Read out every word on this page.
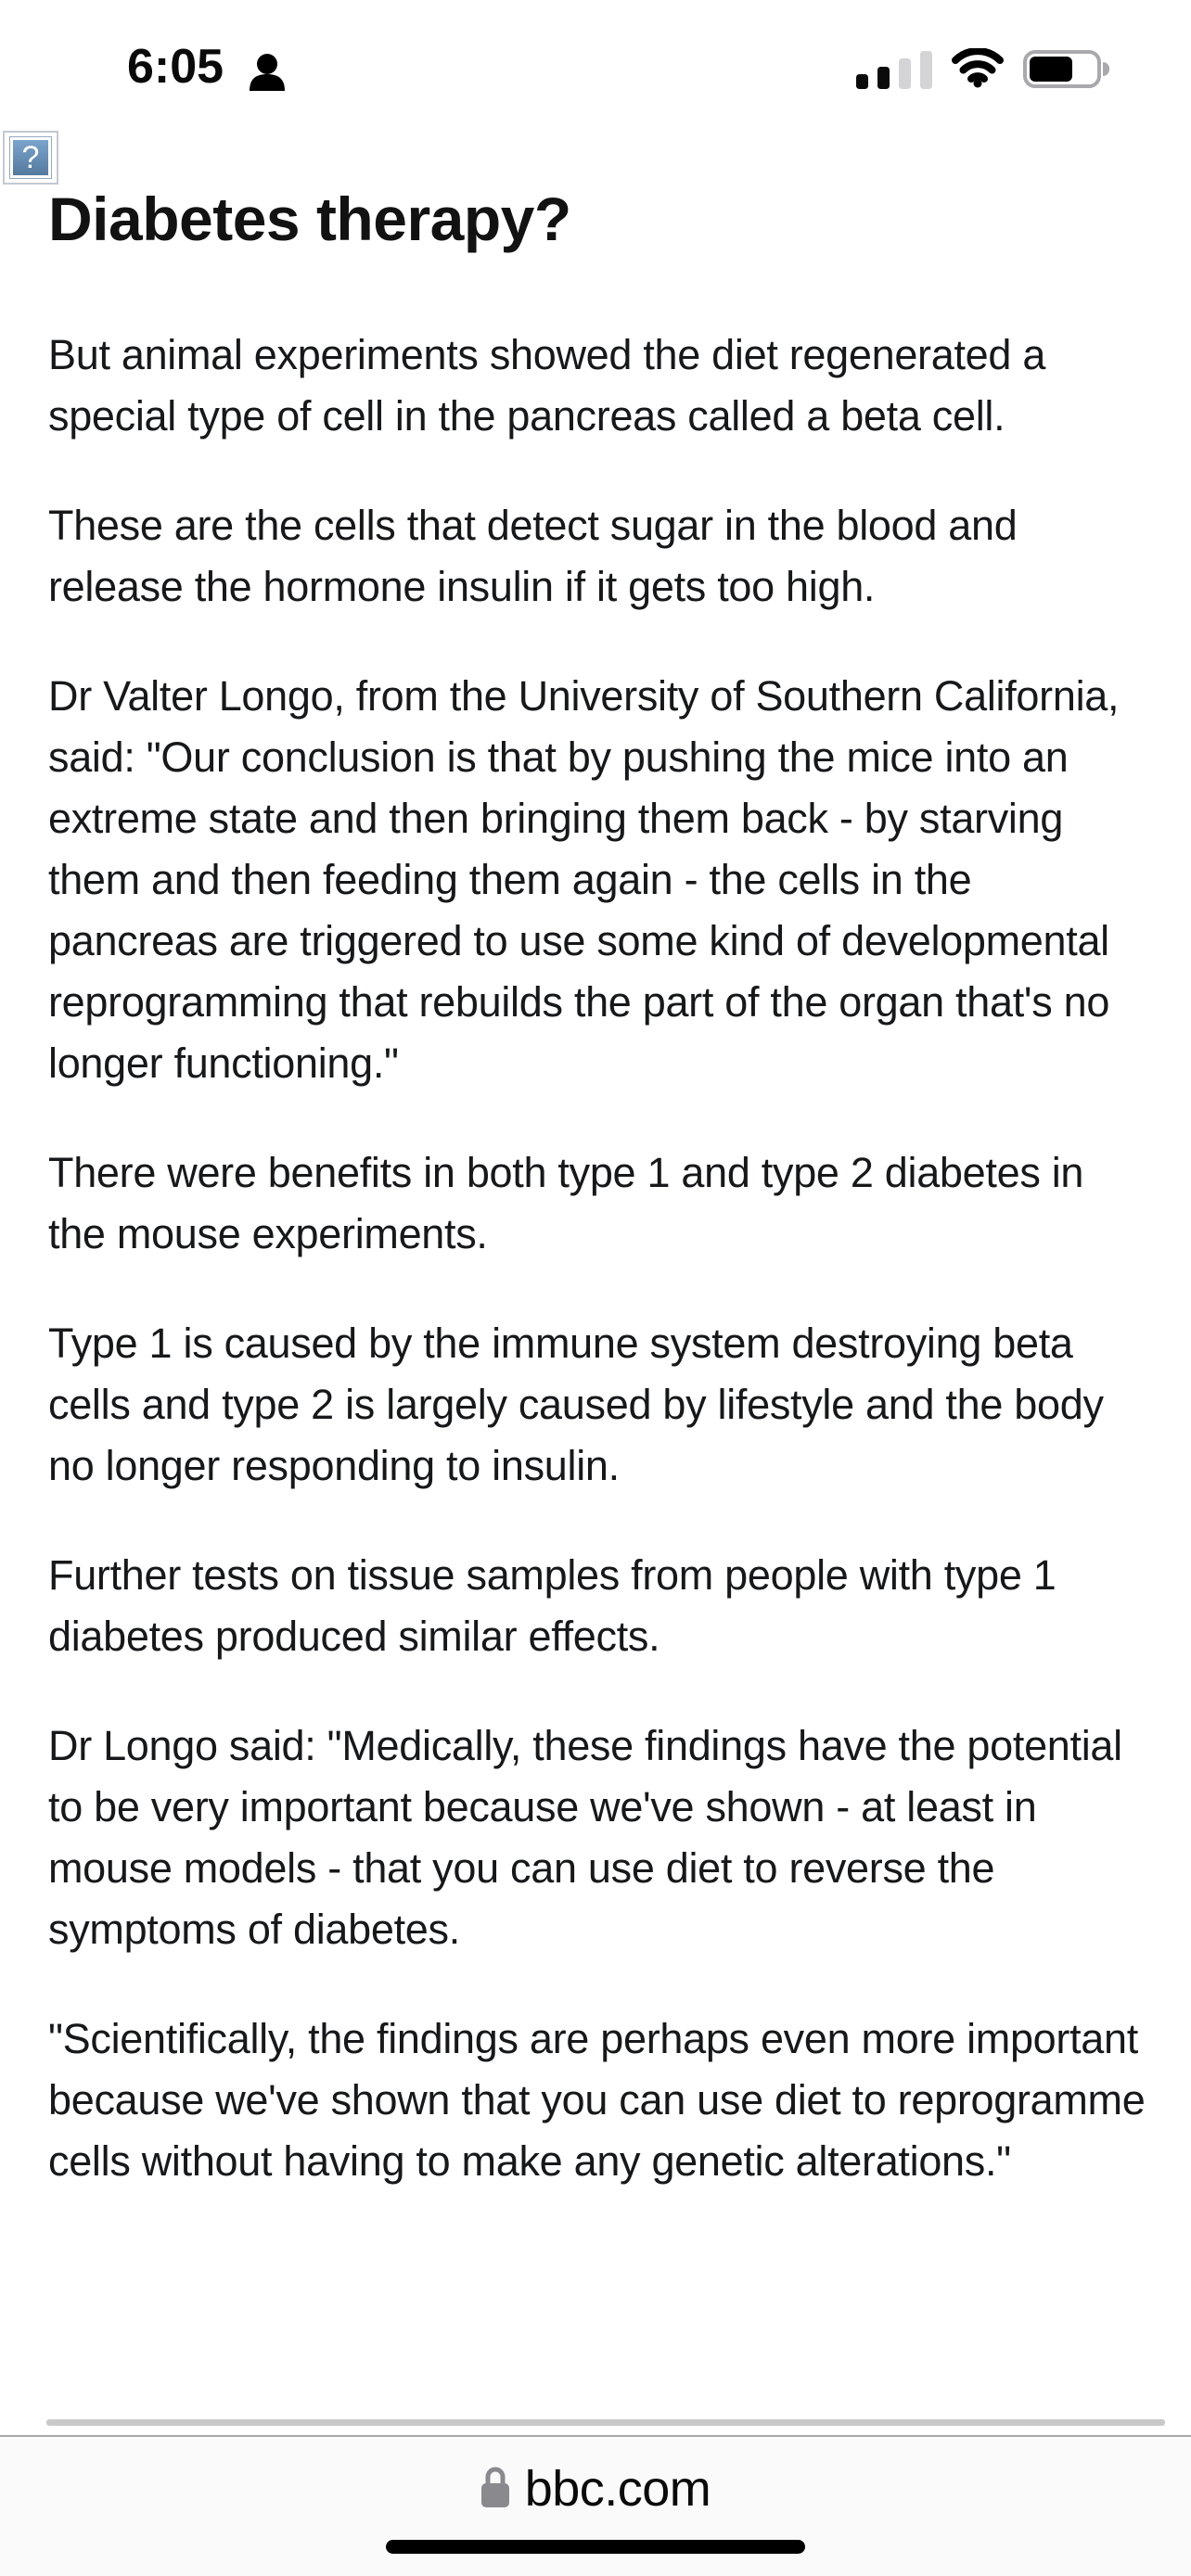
6:05
?
Diabetes therapy?

But animal experiments showed the diet regenerated a special type of cell in the pancreas called a beta cell.

These are the cells that detect sugar in the blood and release the hormone insulin if it gets too high.

Dr Valter Longo, from the University of Southern California, said: "Our conclusion is that by pushing the mice into an extreme state and then bringing them back - by starving them and then feeding them again - the cells in the pancreas are triggered to use some kind of developmental reprogramming that rebuilds the part of the organ that's no longer functioning."

There were benefits in both type 1 and type 2 diabetes in the mouse experiments.

Type 1 is caused by the immune system destroying beta cells and type 2 is largely caused by lifestyle and the body no longer responding to insulin.

Further tests on tissue samples from people with type 1 diabetes produced similar effects.

Dr Longo said: "Medically, these findings have the potential to be very important because we've shown - at least in mouse models - that you can use diet to reverse the symptoms of diabetes.

"Scientifically, the findings are perhaps even more important because we've shown that you can use diet to reprogramme cells without having to make any genetic alterations."

bbc.com
